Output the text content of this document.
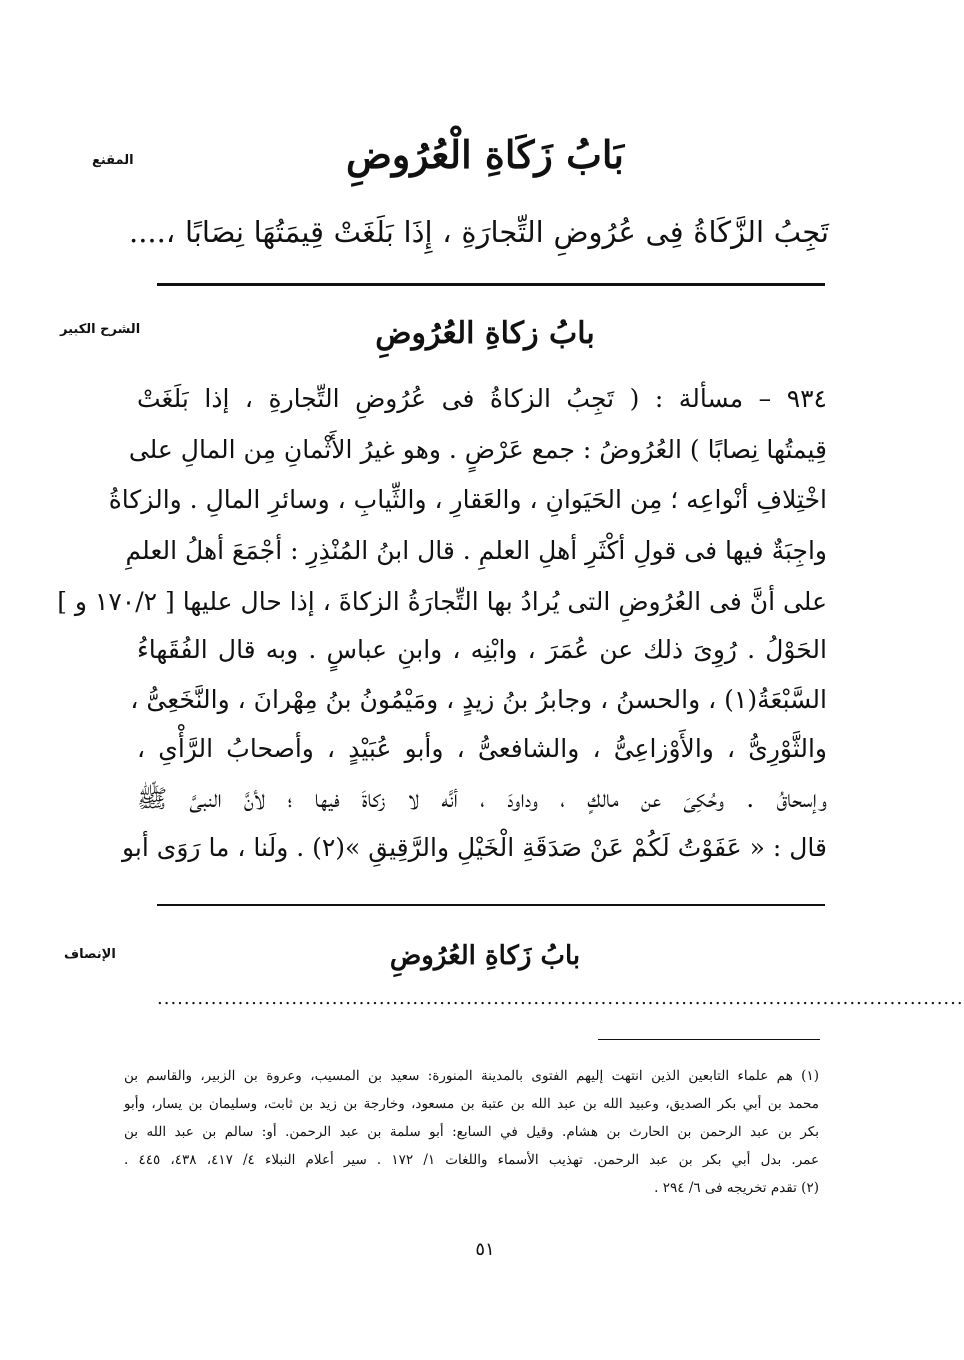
المقنع	بَابُ زَكَاةِ الْعُرُوضِ
تَجِبُ الزَّكَاةُ فِى عُرُوضِ التِّجارَةِ ، إِذَا بَلَغَتْ قِيمَتُهَا نِصَابًا ،....
الشرح الكبير	بابُ زكاةِ العُرُوضِ
٩٣٤ – مسألة : ( تَجِبُ الزكاةُ فى عُرُوضِ التِّجارةِ ، إذا بَلَغَتْ
قِيمتُها نِصابًا ) العُرُوضُ : جمع عَرْضٍ . وهو غيرُ الأَثْمانِ مِن المالِ على
اخْتِلافِ أنْواعِه ؛ مِن الحَيَوانِ ، والعَقارِ ، والثِّيابِ ، وسائرِ المالِ . والزكاةُ
واجِبَةٌ فيها فى قولِ أكْثَرِ أهلِ العلمِ . قال ابنُ المُنْذِرِ : أجْمَعَ أهلُ العلمِ
على أنَّ فى العُرُوضِ التى يُرادُ بها التِّجارَةُ الزكاةَ ، إذا حال عليها [ ١٧٠/٢ و ]
الحَوْلُ . رُوِىَ ذلك عن عُمَرَ ، وابْنِه ، وابنِ عباسٍ . وبه قال الفُقَهاءُ
السَّبْعَةُ(١) ، والحسنُ ، وجابرُ بنُ زيدٍ ، ومَيْمُونُ بنُ مِهْرانَ ، والنَّخَعِىُّ ،
والثَّوْرِىُّ ، والأَوْزاعِىُّ ، والشافعىُّ ، وأبو عُبَيْدٍ ، وأصحابُ الرَّأْىِ ،
وإسحاقُ . وحُكِىَ عن مالكٍ ، وداودَ ، أنَّه لا زكاةَ فيها ؛ لأنَّ النبىَّ ﷺ
قال : « عَفَوْتُ لَكُمْ عَنْ صَدَقَةِ الْخَيْلِ والرَّقِيقِ »(٢) . ولَنا ، ما رَوَى أبو
الإنصاف	بابُ زَكاةِ العُرُوضِ
........................................................................................................................
(١) هم علماء التابعين الذين انتهت إليهم الفتوى بالمدينة المنورة: سعيد بن المسيب، وعروة بن الزبير، والقاسم بن
محمد بن أبي بكر الصديق، وعبيد الله بن عبد الله بن عتبة بن مسعود، وخارجة بن زيد بن ثابت، وسليمان بن يسار، وأبو
بكر بن عبد الرحمن بن الحارث بن هشام. وقيل في السابع: أبو سلمة بن عبد الرحمن. أو: سالم بن عبد الله بن
عمر. بدل أبي بكر بن عبد الرحمن. تهذيب الأسماء واللغات ١/ ١٧٢ . سير أعلام النبلاء ٤/ ٤١٧، ٤٣٨، ٤٤٥ .
(٢) تقدم تخريجه فى ٦/ ٢٩٤ .
٥١
